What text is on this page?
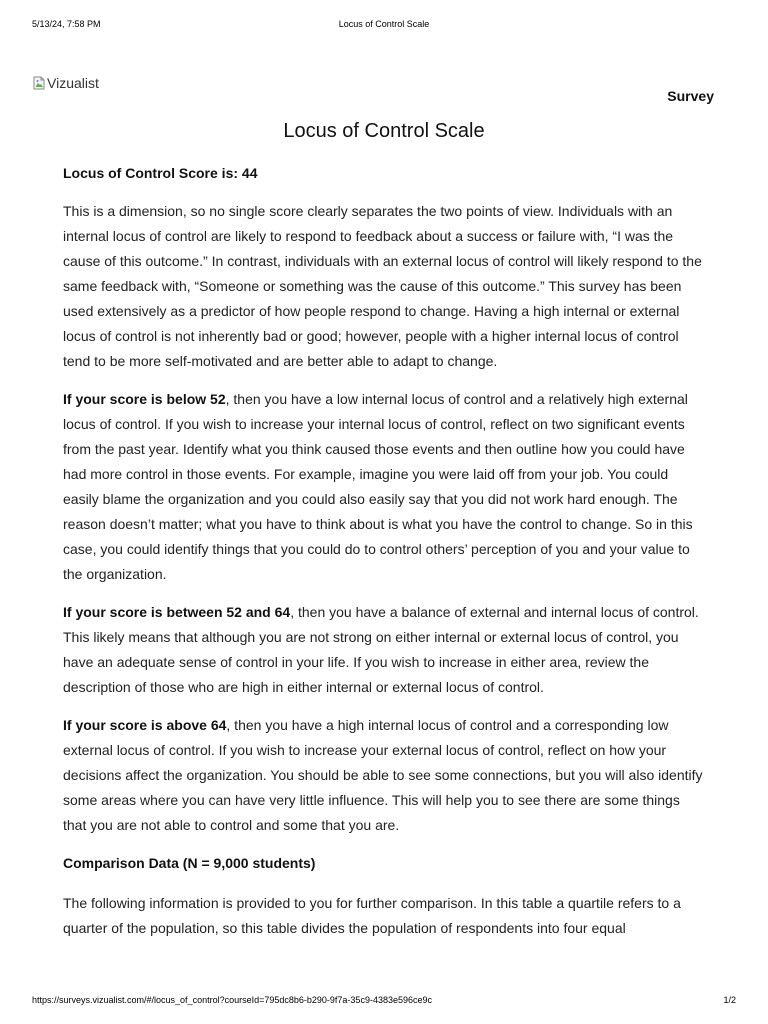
5/13/24, 7:58 PM	Locus of Control Scale
Vizualist
Survey
Locus of Control Scale

Locus of Control Score is: 44

This is a dimension, so no single score clearly separates the two points of view. Individuals with an internal locus of control are likely to respond to feedback about a success or failure with, “I was the cause of this outcome.” In contrast, individuals with an external locus of control will likely respond to the same feedback with, “Someone or something was the cause of this outcome.” This survey has been used extensively as a predictor of how people respond to change. Having a high internal or external locus of control is not inherently bad or good; however, people with a higher internal locus of control tend to be more self-motivated and are better able to adapt to change.

If your score is below 52, then you have a low internal locus of control and a relatively high external locus of control. If you wish to increase your internal locus of control, reflect on two significant events from the past year. Identify what you think caused those events and then outline how you could have had more control in those events. For example, imagine you were laid off from your job. You could easily blame the organization and you could also easily say that you did not work hard enough. The reason doesn’t matter; what you have to think about is what you have the control to change. So in this case, you could identify things that you could do to control others’ perception of you and your value to the organization.

If your score is between 52 and 64, then you have a balance of external and internal locus of control. This likely means that although you are not strong on either internal or external locus of control, you have an adequate sense of control in your life. If you wish to increase in either area, review the description of those who are high in either internal or external locus of control.

If your score is above 64, then you have a high internal locus of control and a corresponding low external locus of control. If you wish to increase your external locus of control, reflect on how your decisions affect the organization. You should be able to see some connections, but you will also identify some areas where you can have very little influence. This will help you to see there are some things that you are not able to control and some that you are.

Comparison Data (N = 9,000 students)

The following information is provided to you for further comparison. In this table a quartile refers to a quarter of the population, so this table divides the population of respondents into four equal

https://surveys.vizualist.com/#/locus_of_control?courseId=795dc8b6-b290-9f7a-35c9-4383e596ce9c	1/2
